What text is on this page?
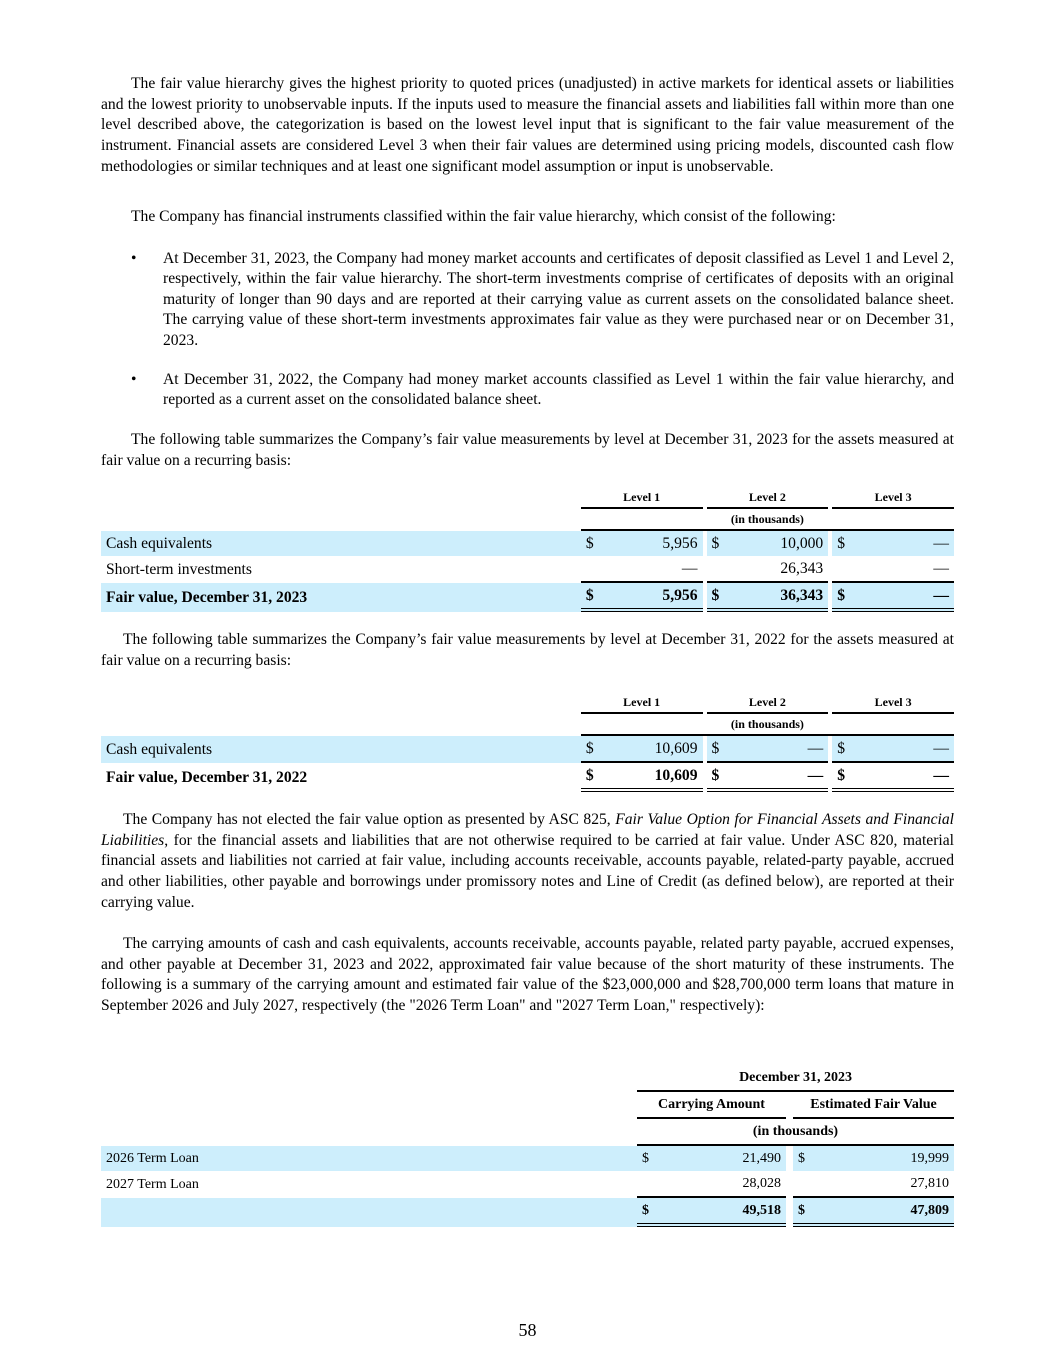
The fair value hierarchy gives the highest priority to quoted prices (unadjusted) in active markets for identical assets or liabilities and the lowest priority to unobservable inputs. If the inputs used to measure the financial assets and liabilities fall within more than one level described above, the categorization is based on the lowest level input that is significant to the fair value measurement of the instrument. Financial assets are considered Level 3 when their fair values are determined using pricing models, discounted cash flow methodologies or similar techniques and at least one significant model assumption or input is unobservable.

The Company has financial instruments classified within the fair value hierarchy, which consist of the following:

• At December 31, 2023, the Company had money market accounts and certificates of deposit classified as Level 1 and Level 2, respectively, within the fair value hierarchy. The short-term investments comprise of certificates of deposits with an original maturity of longer than 90 days and are reported at their carrying value as current assets on the consolidated balance sheet. The carrying value of these short-term investments approximates fair value as they were purchased near or on December 31, 2023.
• At December 31, 2022, the Company had money market accounts classified as Level 1 within the fair value hierarchy, and reported as a current asset on the consolidated balance sheet.

The following table summarizes the Company’s fair value measurements by level at December 31, 2023 for the assets measured at fair value on a recurring basis:

	Level 1			Level 2			Level 3	
	(in thousands)							
Cash equivalents	$	5,956		$	10,000		$	—
Short-term investments		—			26,343			—
Fair value, December 31, 2023	$	5,956		$	36,343		$	—

The following table summarizes the Company’s fair value measurements by level at December 31, 2022 for the assets measured at fair value on a recurring basis:

	Level 1			Level 2			Level 3	
	(in thousands)							
Cash equivalents	$	10,609		$	—		$	—
Fair value, December 31, 2022	$	10,609		$	—		$	—

The Company has not elected the fair value option as presented by ASC 825, Fair Value Option for Financial Assets and Financial Liabilities, for the financial assets and liabilities that are not otherwise required to be carried at fair value. Under ASC 820, material financial assets and liabilities not carried at fair value, including accounts receivable, accounts payable, related-party payable, accrued and other liabilities, other payable and borrowings under promissory notes and Line of Credit (as defined below), are reported at their carrying value.

The carrying amounts of cash and cash equivalents, accounts receivable, accounts payable, related party payable, accrued expenses, and other payable at December 31, 2023 and 2022, approximated fair value because of the short maturity of these instruments. The following is a summary of the carrying amount and estimated fair value of the $23,000,000 and $28,700,000 term loans that mature in September 2026 and July 2027, respectively (the "2026 Term Loan" and "2027 Term Loan," respectively):

	December 31, 2023				
	Carrying Amount			Estimated Fair Value	
	(in thousands)				
2026 Term Loan	$	21,490		$	19,999
2027 Term Loan		28,028			27,810
	$	49,518		$	47,809
58
